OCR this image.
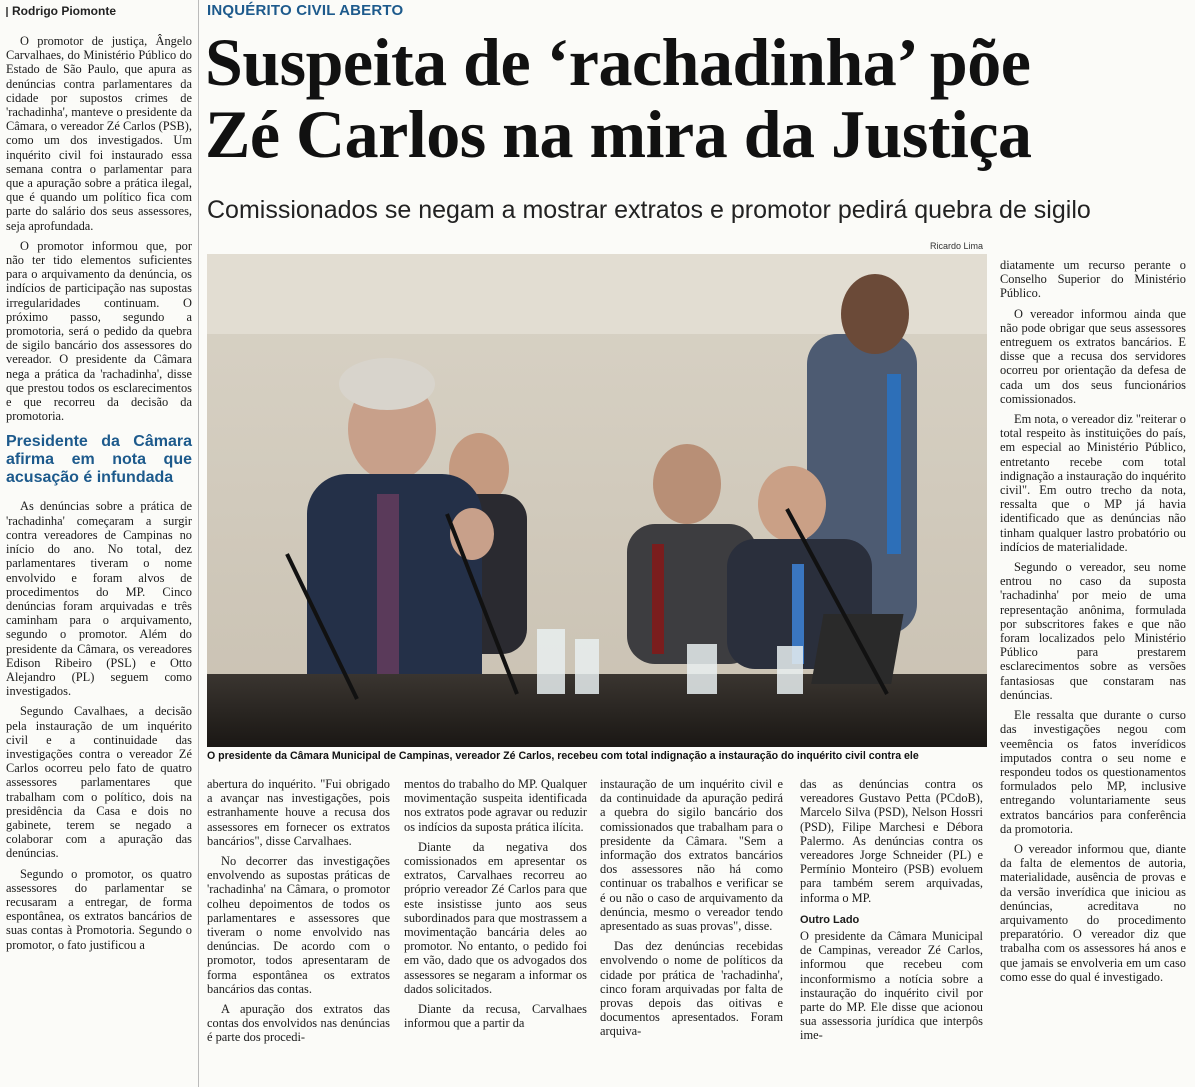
Rodrigo Piomonte	INQUÉRITO CIVIL ABERTO
Suspeita de ‘rachadinha’ põe
Zé Carlos na mira da Justiça
Comissionados se negam a mostrar extratos e promotor pedirá quebra de sigilo
Ricardo Lima
O presidente da Câmara Municipal de Campinas, vereador Zé Carlos, recebeu com total indignação a instauração do inquérito civil contra ele

O promotor de justiça, Ângelo Carvalhaes, do Ministério Público do Estado de São Paulo, que apura as denúncias contra parlamentares da cidade por supostos crimes de 'rachadinha', manteve o presidente da Câmara, o vereador Zé Carlos (PSB), como um dos investigados. Um inquérito civil foi instaurado essa semana contra o parlamentar para que a apuração sobre a prática ilegal, que é quando um político fica com parte do salário dos seus assessores, seja aprofundada.

O promotor informou que, por não ter tido elementos suficientes para o arquivamento da denúncia, os indícios de participação nas supostas irregularidades continuam. O próximo passo, segundo a promotoria, será o pedido da quebra de sigilo bancário dos assessores do vereador. O presidente da Câmara nega a prática da 'rachadinha', disse que prestou todos os esclarecimentos e que recorreu da decisão da promotoria.

Presidente da Câmara afirma em nota que acusação é infundada

As denúncias sobre a prática de 'rachadinha' começaram a surgir contra vereadores de Campinas no início do ano. No total, dez parlamentares tiveram o nome envolvido e foram alvos de procedimentos do MP. Cinco denúncias foram arquivadas e três caminham para o arquivamento, segundo o promotor. Além do presidente da Câmara, os vereadores Edison Ribeiro (PSL) e Otto Alejandro (PL) seguem como investigados.

Segundo Cavalhaes, a decisão pela instauração de um inquérito civil e a continuidade das investigações contra o vereador Zé Carlos ocorreu pelo fato de quatro assessores parlamentares que trabalham com o político, dois na presidência da Casa e dois no gabinete, terem se negado a colaborar com a apuração das denúncias.

Segundo o promotor, os quatro assessores do parlamentar se recusaram a entregar, de forma espontânea, os extratos bancários de suas contas à Promotoria. Segundo o promotor, o fato justificou a

abertura do inquérito. "Fui obrigado a avançar nas investigações, pois estranhamente houve a recusa dos assessores em fornecer os extratos bancários", disse Carvalhaes.

No decorrer das investigações envolvendo as supostas práticas de 'rachadinha' na Câmara, o promotor colheu depoimentos de todos os parlamentares e assessores que tiveram o nome envolvido nas denúncias. De acordo com o promotor, todos apresentaram de forma espontânea os extratos bancários das contas.

A apuração dos extratos das contas dos envolvidos nas denúncias é parte dos procedi-

mentos do trabalho do MP. Qualquer movimentação suspeita identificada nos extratos pode agravar ou reduzir os indícios da suposta prática ilícita.

Diante da negativa dos comissionados em apresentar os extratos, Carvalhaes recorreu ao próprio vereador Zé Carlos para que este insistisse junto aos seus subordinados para que mostrassem a movimentação bancária deles ao promotor. No entanto, o pedido foi em vão, dado que os advogados dos assessores se negaram a informar os dados solicitados.

Diante da recusa, Carvalhaes informou que a partir da

instauração de um inquérito civil e da continuidade da apuração pedirá a quebra do sigilo bancário dos comissionados que trabalham para o presidente da Câmara. "Sem a informação dos extratos bancários dos assessores não há como continuar os trabalhos e verificar se é ou não o caso de arquivamento da denúncia, mesmo o vereador tendo apresentado as suas provas", disse.

Das dez denúncias recebidas envolvendo o nome de políticos da cidade por prática de 'rachadinha', cinco foram arquivadas por falta de provas depois das oitivas e documentos apresentados. Foram arquiva-

das as denúncias contra os vereadores Gustavo Petta (PCdoB), Marcelo Silva (PSD), Nelson Hossri (PSD), Filipe Marchesi e Débora Palermo. As denúncias contra os vereadores Jorge Schneider (PL) e Permínio Monteiro (PSB) evoluem para também serem arquivadas, informa o MP.

Outro Lado

O presidente da Câmara Municipal de Campinas, vereador Zé Carlos, informou que recebeu com inconformismo a notícia sobre a instauração do inquérito civil por parte do MP. Ele disse que acionou sua assessoria jurídica que interpôs ime-

diatamente um recurso perante o Conselho Superior do Ministério Público.

O vereador informou ainda que não pode obrigar que seus assessores entreguem os extratos bancários. E disse que a recusa dos servidores ocorreu por orientação da defesa de cada um dos seus funcionários comissionados.

Em nota, o vereador diz "reiterar o total respeito às instituições do país, em especial ao Ministério Público, entretanto recebe com total indignação a instauração do inquérito civil". Em outro trecho da nota, ressalta que o MP já havia identificado que as denúncias não tinham qualquer lastro probatório ou indícios de materialidade.

Segundo o vereador, seu nome entrou no caso da suposta 'rachadinha' por meio de uma representação anônima, formulada por subscritores fakes e que não foram localizados pelo Ministério Público para prestarem esclarecimentos sobre as versões fantasiosas que constaram nas denúncias.

Ele ressalta que durante o curso das investigações negou com veemência os fatos inverídicos imputados contra o seu nome e respondeu todos os questionamentos formulados pelo MP, inclusive entregando voluntariamente seus extratos bancários para conferência da promotoria.

O vereador informou que, diante da falta de elementos de autoria, materialidade, ausência de provas e da versão inverídica que iniciou as denúncias, acreditava no arquivamento do procedimento preparatório. O vereador diz que trabalha com os assessores há anos e que jamais se envolveria em um caso como esse do qual é investigado.
